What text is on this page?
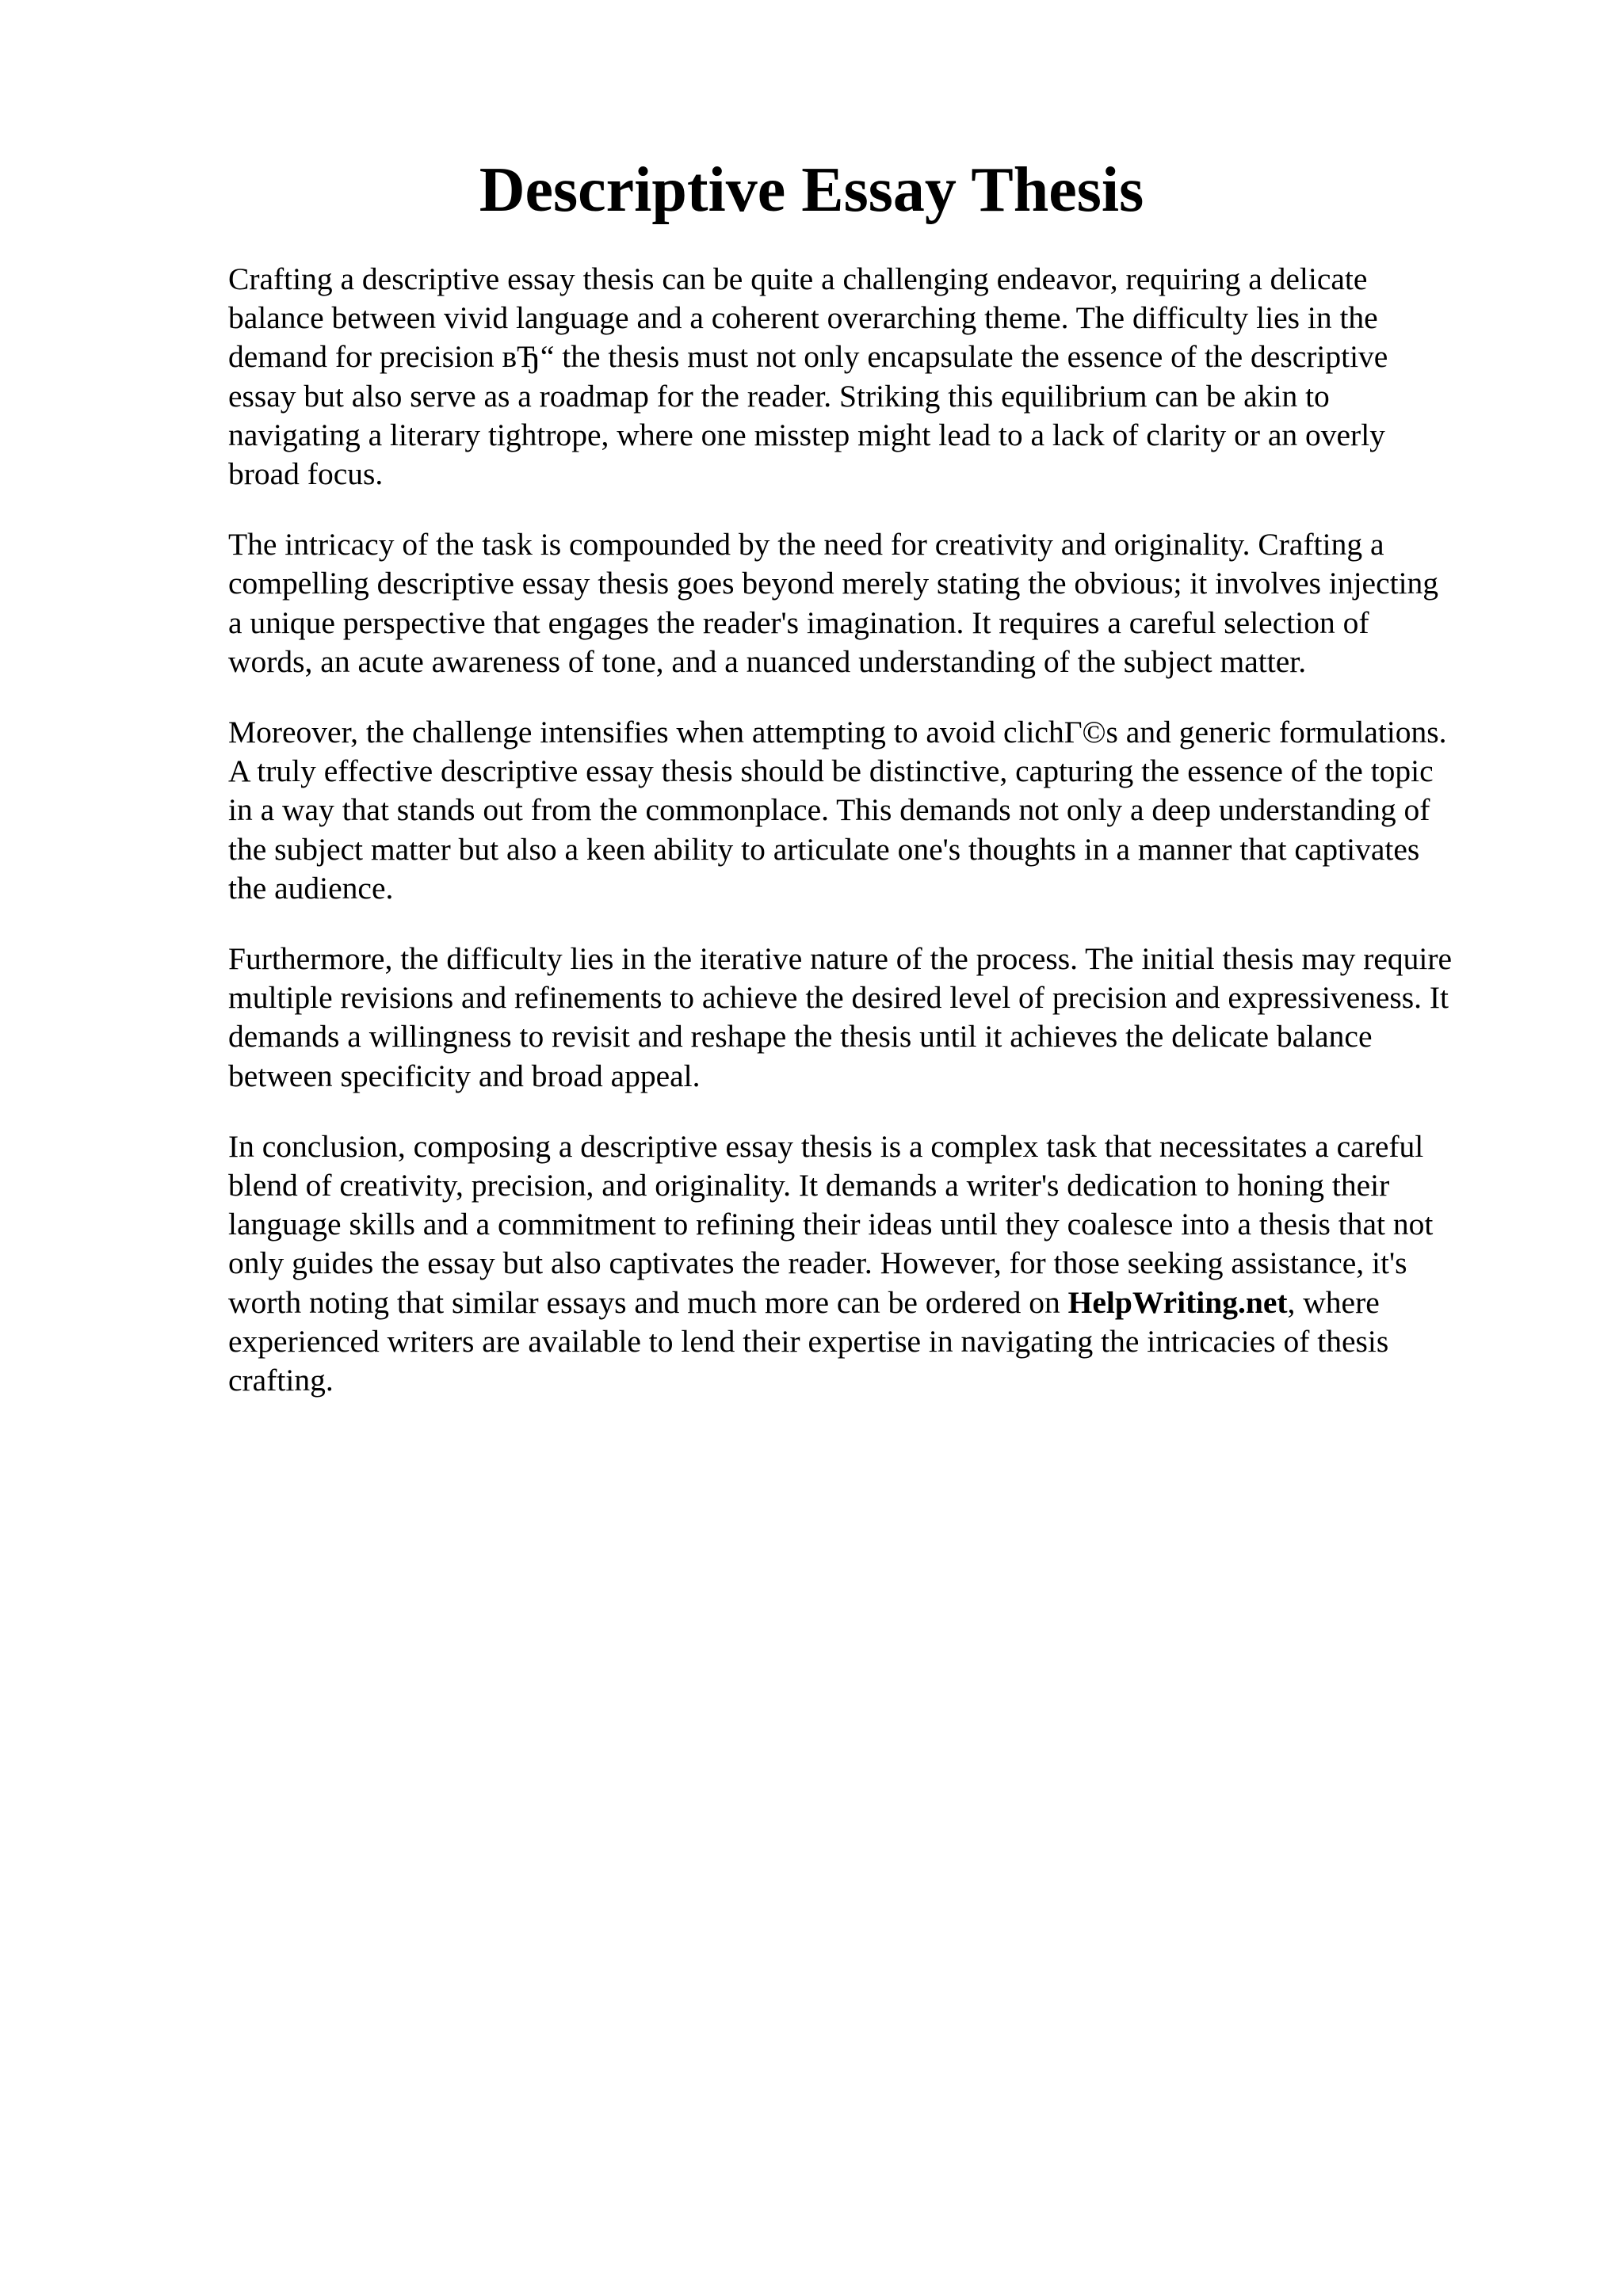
Descriptive Essay Thesis

Crafting a descriptive essay thesis can be quite a challenging endeavor, requiring a delicate
balance between vivid language and a coherent overarching theme. The difficulty lies in the
demand for precision вЂ“ the thesis must not only encapsulate the essence of the descriptive
essay but also serve as a roadmap for the reader. Striking this equilibrium can be akin to
navigating a literary tightrope, where one misstep might lead to a lack of clarity or an overly
broad focus.

The intricacy of the task is compounded by the need for creativity and originality. Crafting a
compelling descriptive essay thesis goes beyond merely stating the obvious; it involves injecting
a unique perspective that engages the reader's imagination. It requires a careful selection of
words, an acute awareness of tone, and a nuanced understanding of the subject matter.

Moreover, the challenge intensifies when attempting to avoid clichГ©s and generic formulations.
A truly effective descriptive essay thesis should be distinctive, capturing the essence of the topic
in a way that stands out from the commonplace. This demands not only a deep understanding of
the subject matter but also a keen ability to articulate one's thoughts in a manner that captivates
the audience.

Furthermore, the difficulty lies in the iterative nature of the process. The initial thesis may require
multiple revisions and refinements to achieve the desired level of precision and expressiveness. It
demands a willingness to revisit and reshape the thesis until it achieves the delicate balance
between specificity and broad appeal.

In conclusion, composing a descriptive essay thesis is a complex task that necessitates a careful
blend of creativity, precision, and originality. It demands a writer's dedication to honing their
language skills and a commitment to refining their ideas until they coalesce into a thesis that not
only guides the essay but also captivates the reader. However, for those seeking assistance, it's
worth noting that similar essays and much more can be ordered on HelpWriting.net, where
experienced writers are available to lend their expertise in navigating the intricacies of thesis
crafting.
